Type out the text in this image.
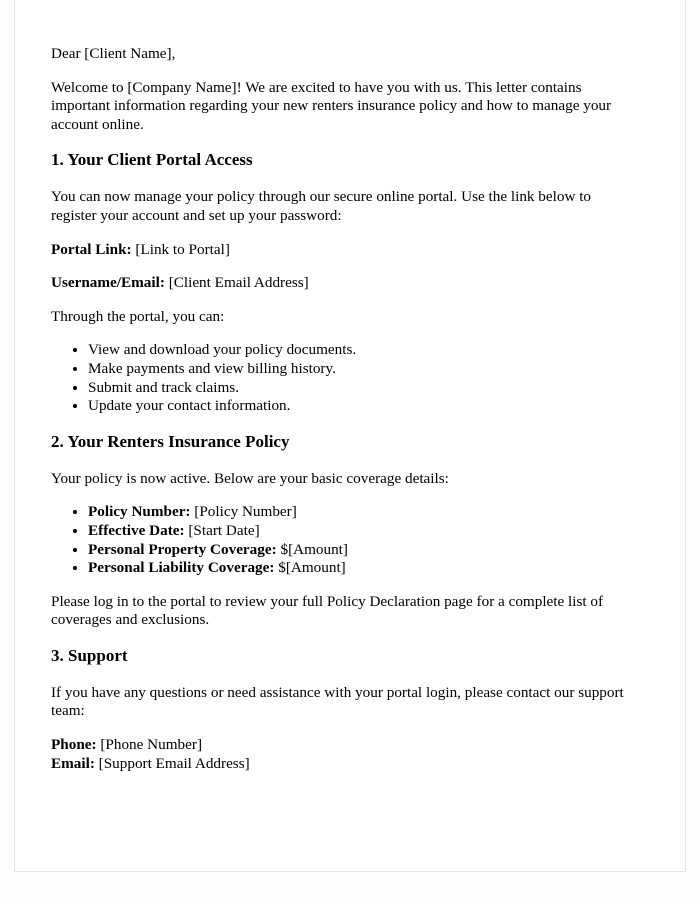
Dear [Client Name],

Welcome to [Company Name]! We are excited to have you with us. This letter contains important information regarding your new renters insurance policy and how to manage your account online.

1. Your Client Portal Access

You can now manage your policy through our secure online portal. Use the link below to register your account and set up your password:

Portal Link: [Link to Portal]

Username/Email: [Client Email Address]

Through the portal, you can:

• View and download your policy documents.
• Make payments and view billing history.
• Submit and track claims.
• Update your contact information.
2. Your Renters Insurance Policy

Your policy is now active. Below are your basic coverage details:

• Policy Number: [Policy Number]
• Effective Date: [Start Date]
• Personal Property Coverage: $[Amount]
• Personal Liability Coverage: $[Amount]

Please log in to the portal to review your full Policy Declaration page for a complete list of coverages and exclusions.

3. Support

If you have any questions or need assistance with your portal login, please contact our support team:

Phone: [Phone Number]
Email: [Support Email Address]
